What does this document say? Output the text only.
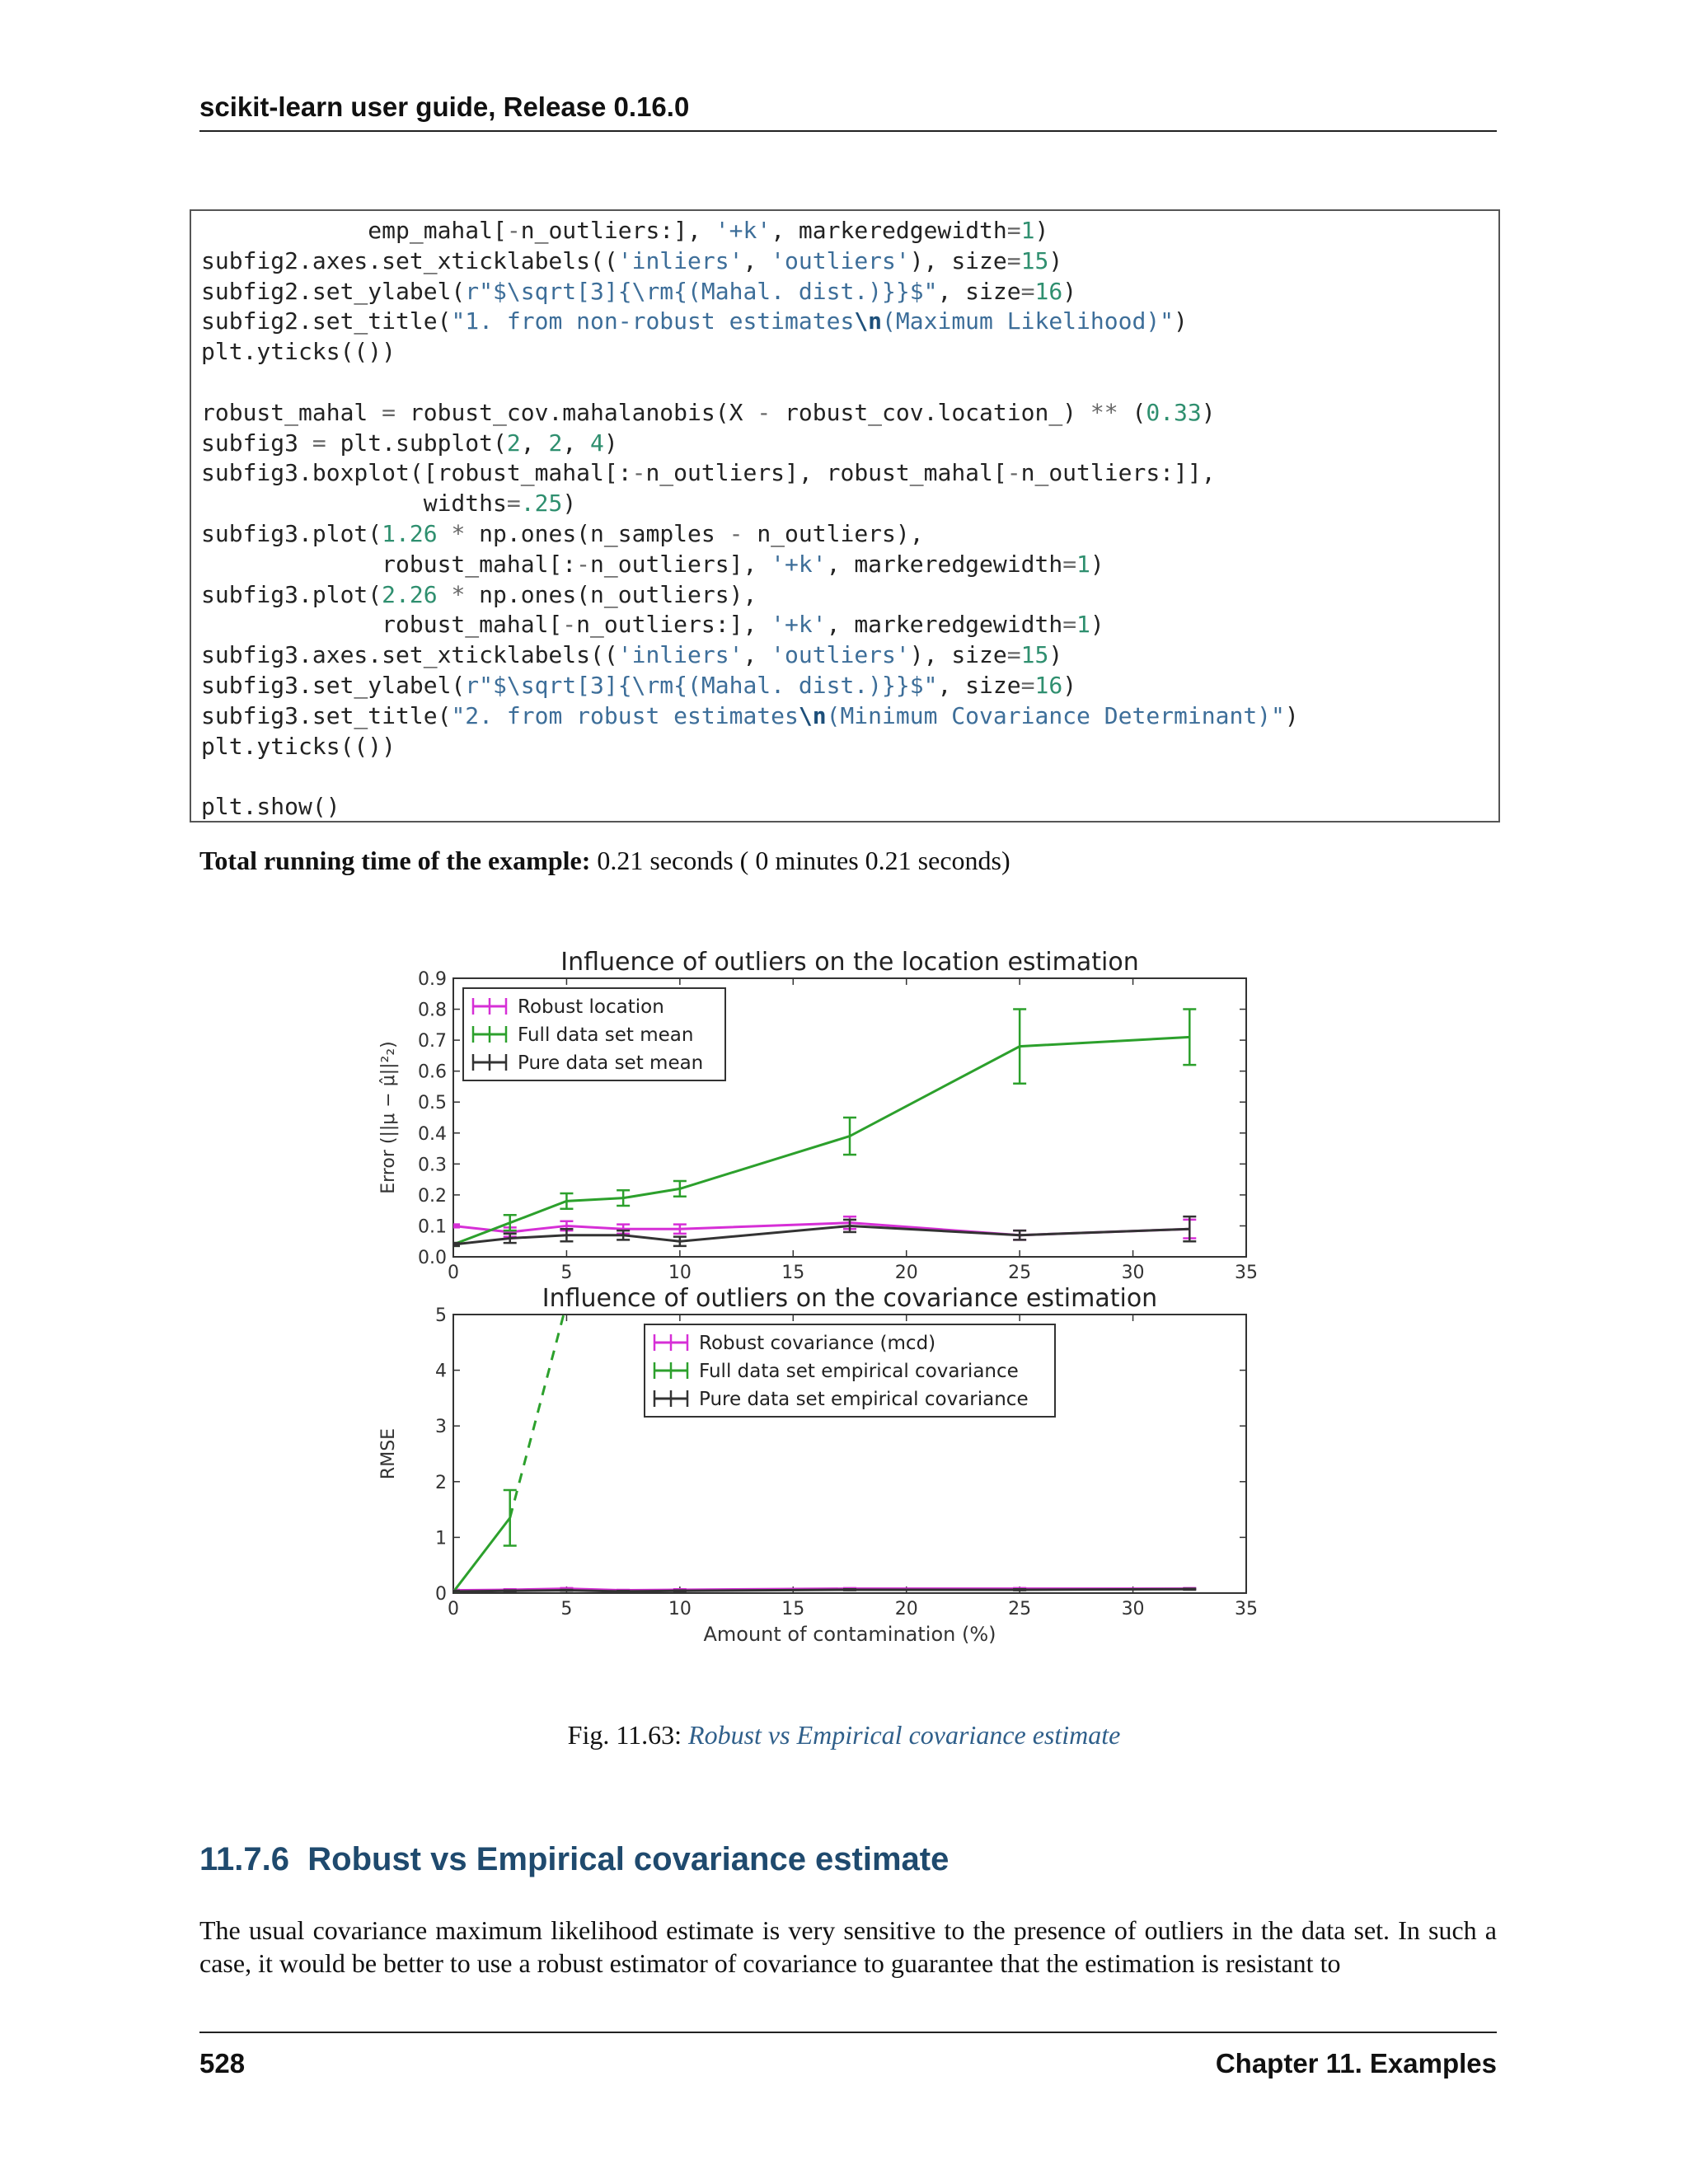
scikit-learn user guide, Release 0.16.0
emp_mahal[-n_outliers:], '+k', markeredgewidth=1)
subfig2.axes.set_xticklabels(('inliers', 'outliers'), size=15)
subfig2.set_ylabel(r"$\sqrt[3]{\rm{(Mahal. dist.)}}$", size=16)
subfig2.set_title("1. from non-robust estimates\n(Maximum Likelihood)")
plt.yticks(())

robust_mahal = robust_cov.mahalanobis(X - robust_cov.location_) ** (0.33)
subfig3 = plt.subplot(2, 2, 4)
subfig3.boxplot([robust_mahal[:-n_outliers], robust_mahal[-n_outliers:]],
widths=.25)
subfig3.plot(1.26 * np.ones(n_samples - n_outliers),
robust_mahal[:-n_outliers], '+k', markeredgewidth=1)
subfig3.plot(2.26 * np.ones(n_outliers),
robust_mahal[-n_outliers:], '+k', markeredgewidth=1)
subfig3.axes.set_xticklabels(('inliers', 'outliers'), size=15)
subfig3.set_ylabel(r"$\sqrt[3]{\rm{(Mahal. dist.)}}$", size=16)
subfig3.set_title("2. from robust estimates\n(Minimum Covariance Determinant)")
plt.yticks(())

plt.show()
Total running time of the example: 0.21 seconds ( 0 minutes 0.21 seconds)
Influence of outliers on the location estimation
0	5	10	15	20	25	30	35
0.0
0.1
0.2
0.3
0.4
0.5
0.6
0.7
0.8
0.9
Error (||μ − μ̂||²₂)
Robust location
Full data set mean
Pure data set mean
Influence of outliers on the covariance estimation
0	5	10	15	20	25	30	35
0
1
2
3
4
5
RMSE
Amount of contamination (%)
Robust covariance (mcd)
Full data set empirical covariance
Pure data set empirical covariance
Fig. 11.63: Robust vs Empirical covariance estimate
11.7.6 Robust vs Empirical covariance estimate
The usual covariance maximum likelihood estimate is very sensitive to the presence of outliers in the data set. In such a case, it would be better to use a robust estimator of covariance to guarantee that the estimation is resistant to
528	Chapter 11. Examples
